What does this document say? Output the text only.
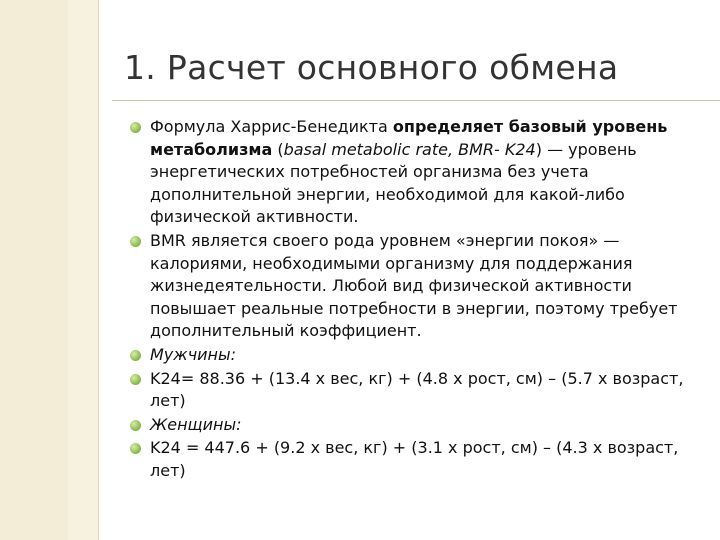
1. Расчет основного обмена
Формула Харрис-Бенедикта определяет базовый уровень метаболизма (basal metabolic rate, BMR- K24) — уровень энергетических потребностей организма без учета дополнительной энергии, необходимой для какой-либо физической активности.
BMR является своего рода уровнем «энергии покоя» — калориями, необходимыми организму для поддержания жизнедеятельности. Любой вид физической активности повышает реальные потребности в энергии, поэтому требует дополнительный коэффициент.
Мужчины:
K24= 88.36 + (13.4 x вес, кг) + (4.8 х рост, см) – (5.7 х возраст, лет)
Женщины:
K24 = 447.6 + (9.2 х вес, кг) + (3.1 х рост, см) – (4.3 х возраст, лет)
